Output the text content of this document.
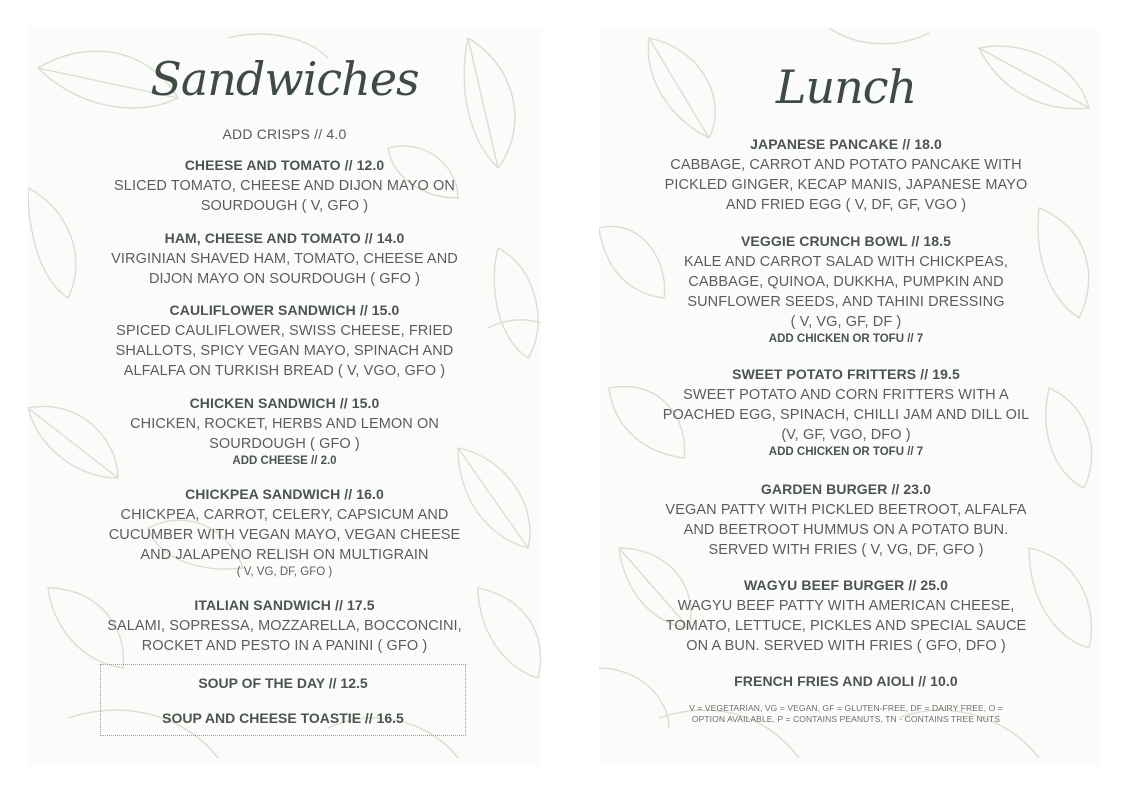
Sandwiches
ADD CRISPS // 4.0
CHEESE AND TOMATO // 12.0
SLICED TOMATO, CHEESE AND DIJON MAYO ON
SOURDOUGH ( V, GFO )
HAM, CHEESE AND TOMATO // 14.0
VIRGINIAN SHAVED HAM, TOMATO, CHEESE AND
DIJON MAYO ON SOURDOUGH ( GFO )
CAULIFLOWER SANDWICH // 15.0
SPICED CAULIFLOWER, SWISS CHEESE, FRIED
SHALLOTS, SPICY VEGAN MAYO, SPINACH AND
ALFALFA ON TURKISH BREAD ( V, VGO, GFO )
CHICKEN SANDWICH // 15.0
CHICKEN, ROCKET, HERBS AND LEMON ON
SOURDOUGH ( GFO )
ADD CHEESE // 2.0
CHICKPEA SANDWICH // 16.0
CHICKPEA, CARROT, CELERY, CAPSICUM AND
CUCUMBER WITH VEGAN MAYO, VEGAN CHEESE
AND JALAPENO RELISH ON MULTIGRAIN
( V, VG, DF, GFO )
ITALIAN SANDWICH // 17.5
SALAMI, SOPRESSA, MOZZARELLA, BOCCONCINI,
ROCKET AND PESTO IN A PANINI ( GFO )
SOUP OF THE DAY // 12.5
SOUP AND CHEESE TOASTIE // 16.5
Lunch
JAPANESE PANCAKE // 18.0
CABBAGE, CARROT AND POTATO PANCAKE WITH
PICKLED GINGER, KECAP MANIS, JAPANESE MAYO
AND FRIED EGG ( V, DF, GF, VGO )
VEGGIE CRUNCH BOWL // 18.5
KALE AND CARROT SALAD WITH CHICKPEAS,
CABBAGE, QUINOA, DUKKHA, PUMPKIN AND
SUNFLOWER SEEDS, AND TAHINI DRESSING
( V, VG, GF, DF )
ADD CHICKEN OR TOFU // 7
SWEET POTATO FRITTERS // 19.5
SWEET POTATO AND CORN FRITTERS WITH A
POACHED EGG, SPINACH, CHILLI JAM AND DILL OIL
(V, GF, VGO, DFO )
ADD CHICKEN OR TOFU // 7
GARDEN BURGER // 23.0
VEGAN PATTY WITH PICKLED BEETROOT, ALFALFA
AND BEETROOT HUMMUS ON A POTATO BUN.
SERVED WITH FRIES ( V, VG, DF, GFO )
WAGYU BEEF BURGER // 25.0
WAGYU BEEF PATTY WITH AMERICAN CHEESE,
TOMATO, LETTUCE, PICKLES AND SPECIAL SAUCE
ON A BUN. SERVED WITH FRIES ( GFO, DFO )
FRENCH FRIES AND AIOLI // 10.0
V = VEGETARIAN, VG = VEGAN, GF = GLUTEN-FREE, DF = DAIRY FREE, O =
OPTION AVAILABLE, P = CONTAINS PEANUTS, TN - CONTAINS TREE NUTS
